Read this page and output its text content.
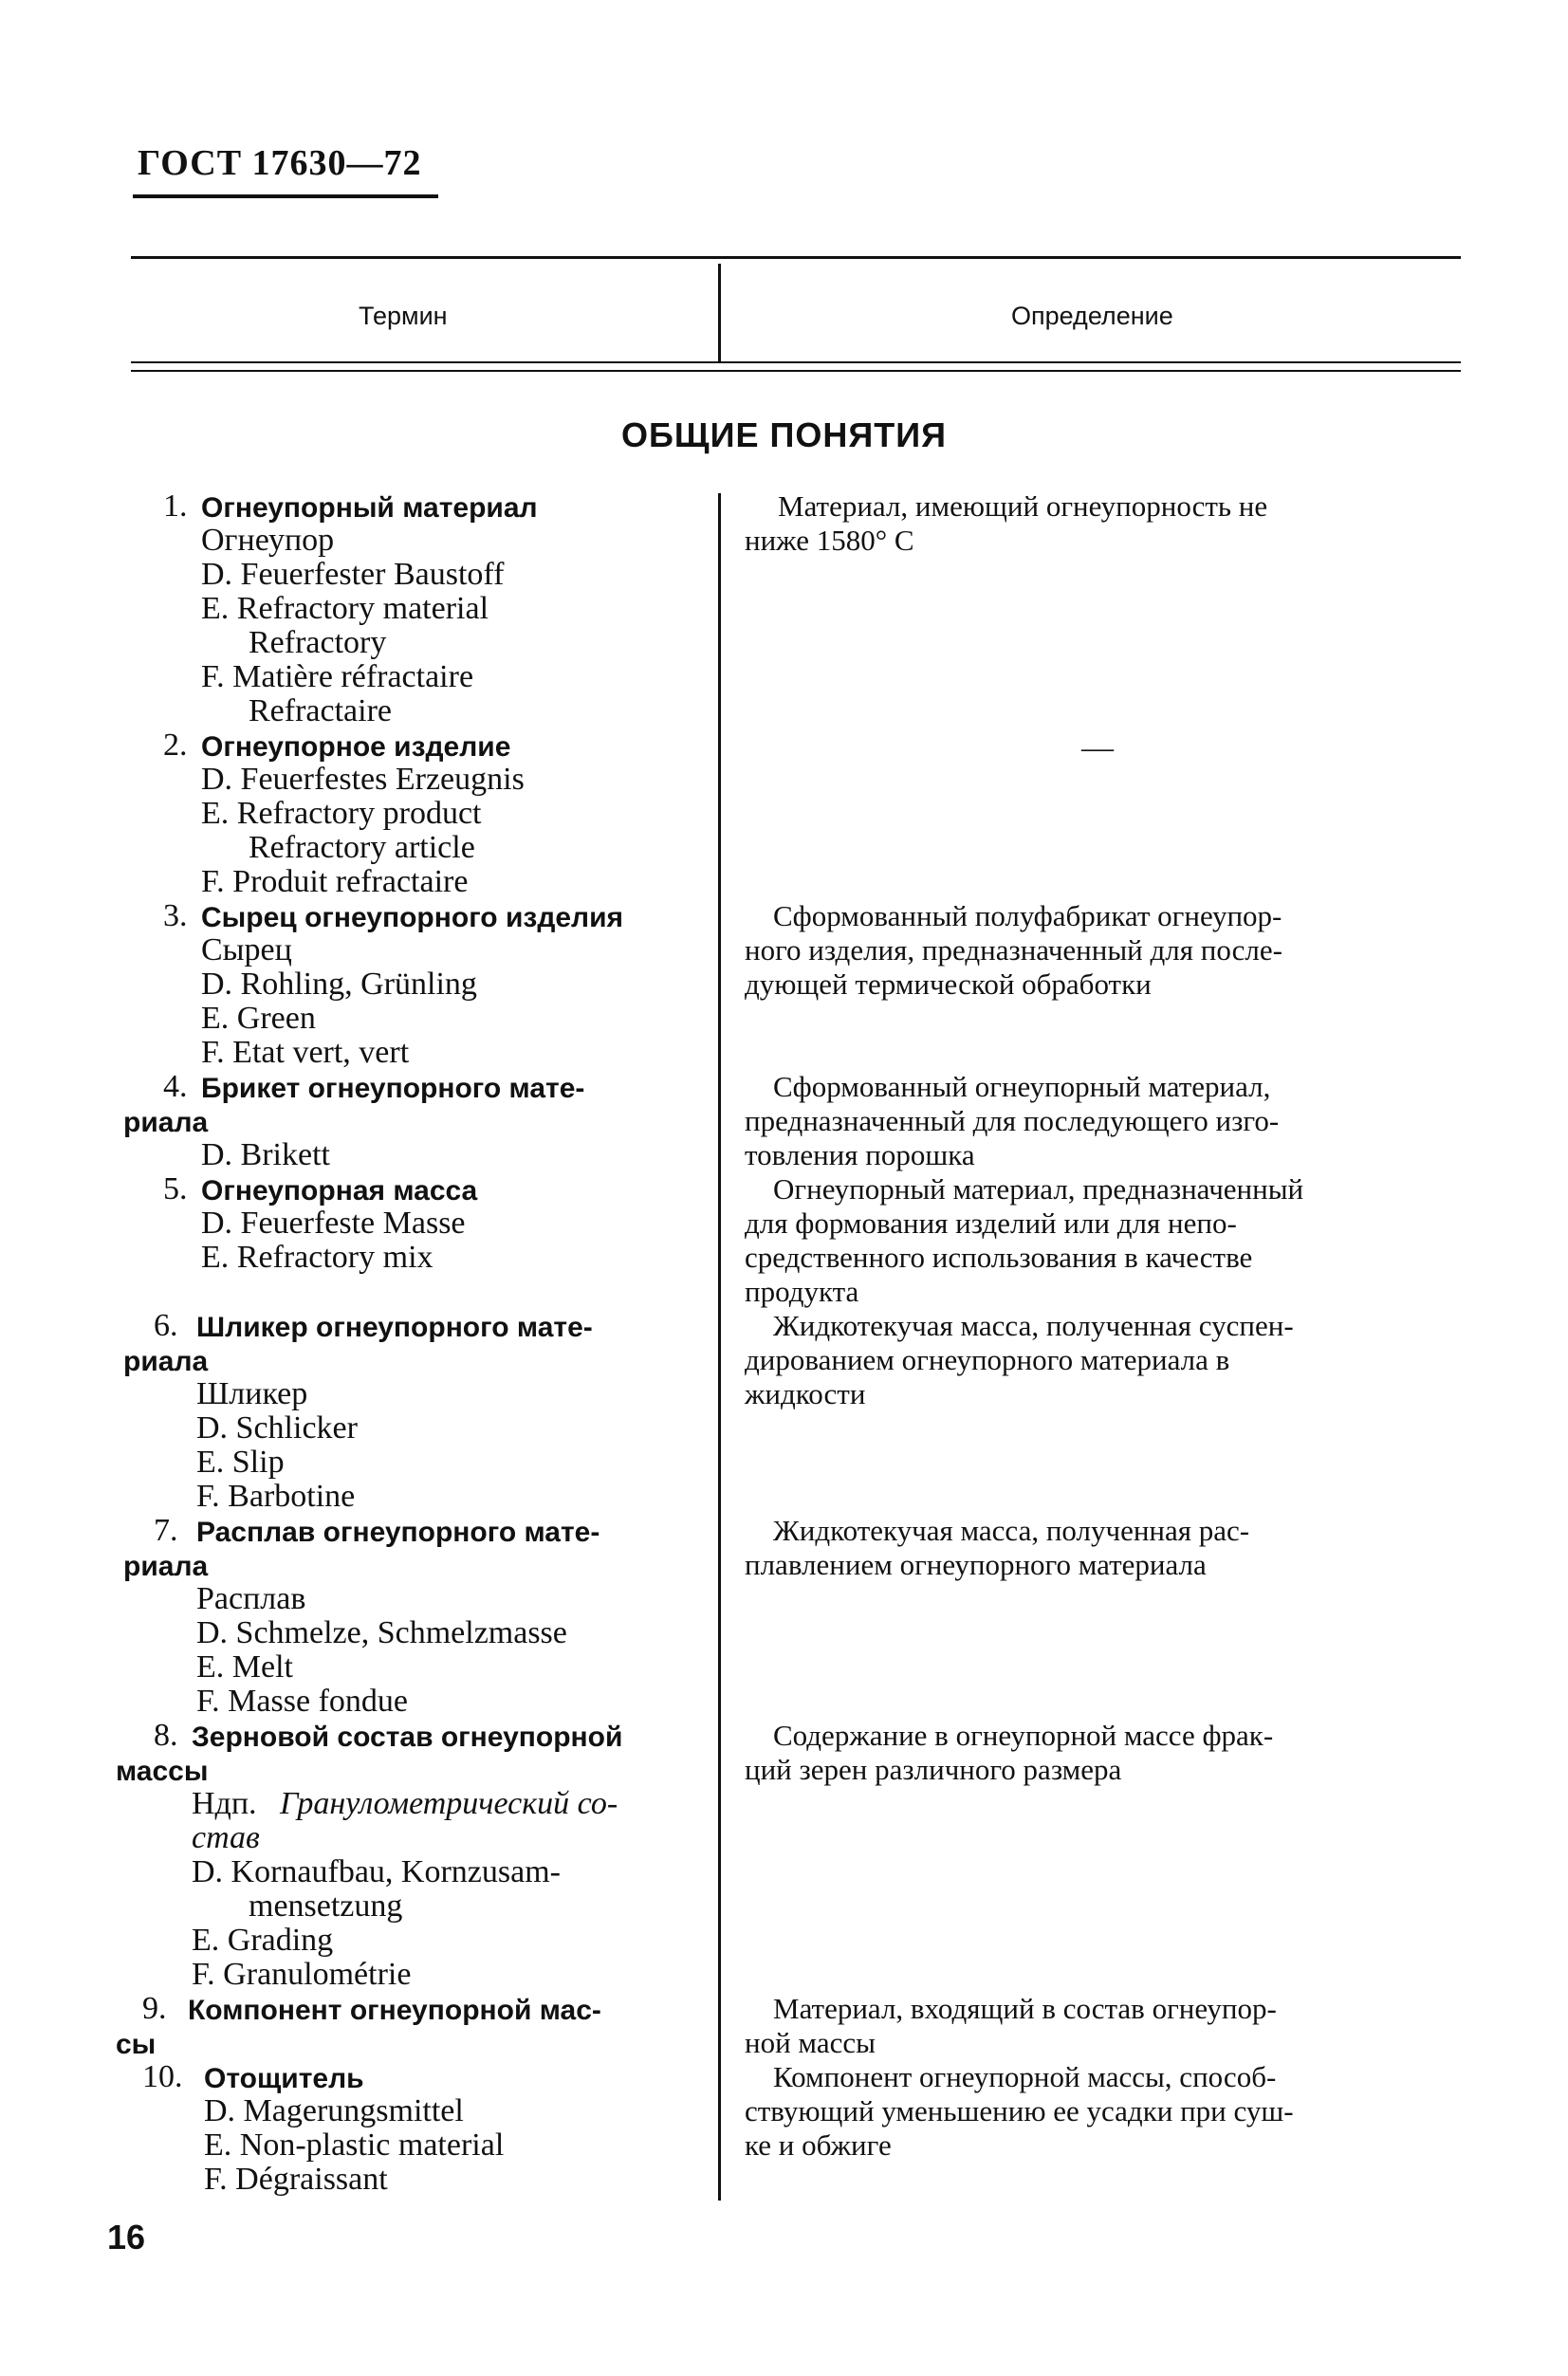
ГОСТ 17630—72
Термин	Определение
ОБЩИЕ ПОНЯТИЯ
1. Огнеупорный материал
Огнеупор
D. Feuerfester Baustoff
E. Refractory material
Refractory
F. Matière réfractaire
Refractaire
2. Огнеупорное изделие
D. Feuerfestes Erzeugnis
E. Refractory product
Refractory article
F. Produit refractaire
3. Сырец огнеупорного изделия
Сырец
D. Rohling, Grünling
E. Green
F. Etat vert, vert
4. Брикет огнеупорного мате-
риала
D. Brikett
5. Огнеупорная масса
D. Feuerfeste Masse
E. Refractory mix
6. Шликер огнеупорного мате-
риала
Шликер
D. Schlicker
E. Slip
F. Barbotine
7. Расплав огнеупорного мате-
риала
Расплав
D. Schmelze, Schmelzmasse
E. Melt
F. Masse fondue
8. Зерновой состав огнеупорной
массы
Ндп. Гранулометрический со-
став
D. Kornaufbau, Kornzusam-
mensetzung
E. Grading
F. Granulométrie
9. Компонент огнеупорной мас-
сы
10. Отощитель
D. Magerungsmittel
E. Non-plastic material
F. Dégraissant
Материал, имеющий огнеупорность не
ниже 1580° С
—
Сформованный полуфабрикат огнеупор-
ного изделия, предназначенный для после-
дующей термической обработки
Сформованный огнеупорный материал,
предназначенный для последующего изго-
товления порошка
Огнеупорный материал, предназначенный
для формования изделий или для непо-
средственного использования в качестве
продукта
Жидкотекучая масса, полученная суспен-
дированием огнеупорного материала в
жидкости
Жидкотекучая масса, полученная рас-
плавлением огнеупорного материала
Содержание в огнеупорной массе фрак-
ций зерен различного размера
Материал, входящий в состав огнеупор-
ной массы
Компонент огнеупорной массы, способ-
ствующий уменьшению ее усадки при суш-
ке и обжиге
16
